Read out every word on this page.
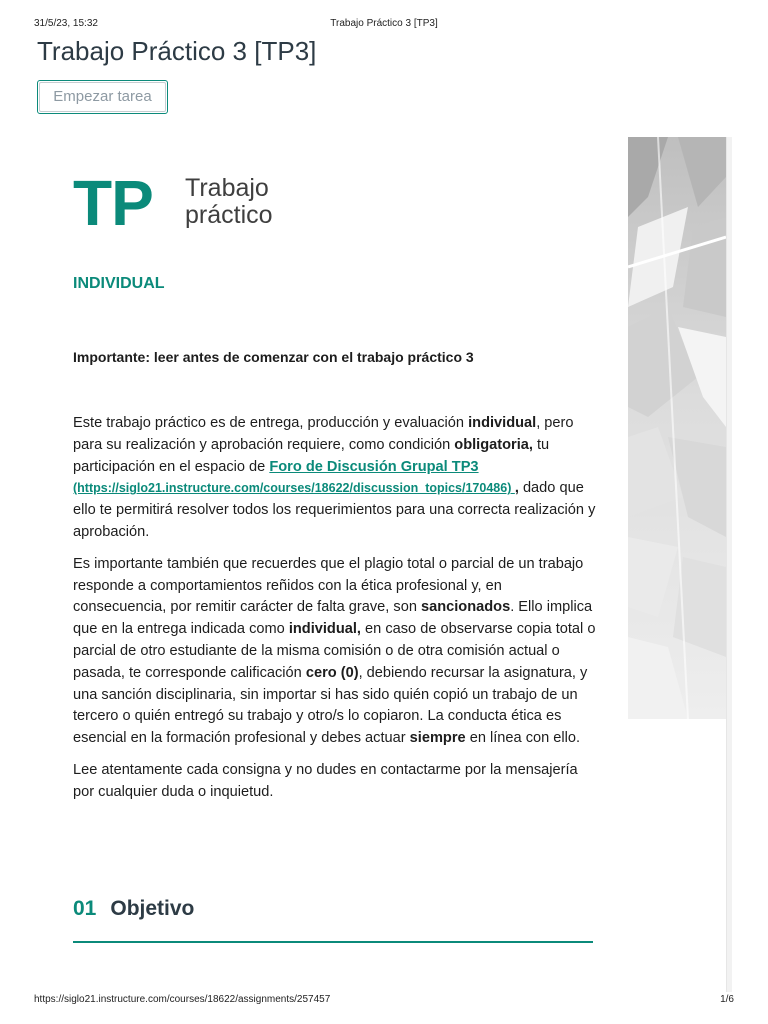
31/5/23, 15:32	Trabajo Práctico 3 [TP3]
Trabajo Práctico 3 [TP3]
Empezar tarea
TP Trabajo
práctico
INDIVIDUAL

Importante: leer antes de comenzar con el trabajo práctico 3

Este trabajo práctico es de entrega, producción y evaluación individual, pero para su realización y aprobación requiere, como condición obligatoria, tu participación en el espacio de Foro de Discusión Grupal TP3
(https://siglo21.instructure.com/courses/18622/discussion_topics/170486) , dado que ello te permitirá resolver todos los requerimientos para una correcta realización y aprobación.

Es importante también que recuerdes que el plagio total o parcial de un trabajo responde a comportamientos reñidos con la ética profesional y, en consecuencia, por remitir carácter de falta grave, son sancionados. Ello implica que en la entrega indicada como individual, en caso de observarse copia total o parcial de otro estudiante de la misma comisión o de otra comisión actual o pasada, te corresponde calificación cero (0), debiendo recursar la asignatura, y una sanción disciplinaria, sin importar si has sido quién copió un trabajo de un tercero o quién entregó su trabajo y otro/s lo copiaron. La conducta ética es esencial en la formación profesional y debes actuar siempre en línea con ello.

Lee atentamente cada consigna y no dudes en contactarme por la mensajería por cualquier duda o inquietud.

01 Objetivo
https://siglo21.instructure.com/courses/18622/assignments/257457	1/6
